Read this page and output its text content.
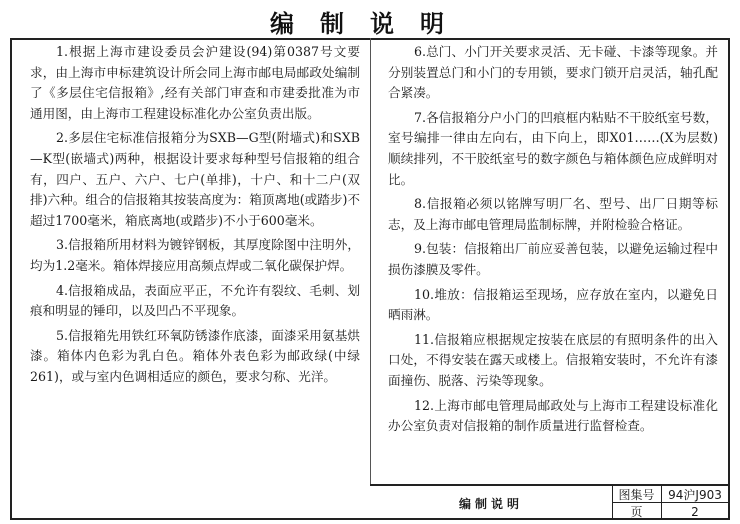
编制说明

1.根据上海市建设委员会沪建设(94)第0387号文要求，由上海市申标建筑设计所会同上海市邮电局邮政处编制了《多层住宅信报箱》,经有关部门审查和市建委批准为市通用图，由上海市工程建设标准化办公室负责出版。

2.多层住宅标准信报箱分为SXB—G型(附墙式)和SXB—K型(嵌墙式)两种，根据设计要求每种型号信报箱的组合有，四户、五户、六户、七户(单排)，十户、和十二户(双排)六种。组合的信报箱其按装高度为：箱顶离地(或踏步)不超过1700毫米，箱底离地(或踏步)不小于600毫米。

3.信报箱所用材料为镀锌钢板，其厚度除图中注明外，均为1.2毫米。箱体焊接应用高频点焊或二氧化碳保护焊。

4.信报箱成品，表面应平正，不允许有裂纹、毛刺、划痕和明显的锤印，以及凹凸不平现象。

5.信报箱先用铁红环氧防锈漆作底漆，面漆采用氨基烘漆。箱体内色彩为乳白色。箱体外表色彩为邮政绿(中绿261)，或与室内色调相适应的颜色，要求匀称、光洋。

6.总门、小门开关要求灵活、无卡碰、卡漆等现象。并分别装置总门和小门的专用锁，要求门锁开启灵活，轴孔配合紧凑。

7.各信报箱分户小门的凹痕框内粘贴不干胶纸室号数，室号编排一律由左向右，由下向上，即X01……(X为层数)顺续排列，不干胶纸室号的数字颜色与箱体颜色应成鲜明对比。

8.信报箱必须以铭牌写明厂名、型号、出厂日期等标志，及上海市邮电管理局监制标牌，并附检验合格证。

9.包装：信报箱出厂前应妥善包装，以避免运输过程中损伤漆膜及零件。

10.堆放：信报箱运至现场，应存放在室内，以避免日晒雨淋。

11.信报箱应根据规定按装在底层的有照明条件的出入口处，不得安装在露天或楼上。信报箱安装时，不允许有漆面撞伤、脱落、污染等现象。

12.上海市邮电管理局邮政处与上海市工程建设标准化办公室负责对信报箱的制作质量进行监督检查。

编制说明
图集号	94沪J903
页	2
